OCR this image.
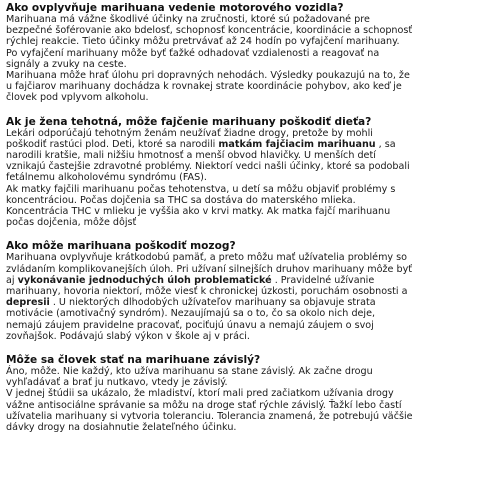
Ako ovplyvňuje marihuana vedenie motorového vozidla?

Marihuana má vážne škodlivé účinky na zručnosti, ktoré sú požadované pre
bezpečné šoférovanie ako bdelosť, schopnosť koncentrácie, koordinácie a schopnosť
rýchlej reakcie. Tieto účinky môžu pretrvávať až 24 hodín po vyfajčení marihuany.
Po vyfajčení marihuany môže byť ťažké odhadovať vzdialenosti a reagovať na
signály a zvuky na ceste.
Marihuana môže hrať úlohu pri dopravných nehodách. Výsledky poukazujú na to, že
u fajčiarov marihuany dochádza k rovnakej strate koordinácie pohybov, ako keď je
človek pod vplyvom alkoholu.

Ak je žena tehotná, môže fajčenie marihuany poškodiť dieťa?

Lekári odporúčajú tehotným ženám neužívať žiadne drogy, pretože by mohli
poškodiť rastúci plod. Deti, ktoré sa narodili matkám fajčiacim marihuanu , sa
narodili kratšie, mali nižšiu hmotnosť a menší obvod hlavičky. U menších detí
vznikajú častejšie zdravotné problémy. Niektorí vedci našli účinky, ktoré sa podobali
fetálnemu alkoholovému syndrómu (FAS).
Ak matky fajčili marihuanu počas tehotenstva, u detí sa môžu objaviť problémy s
koncentráciou. Počas dojčenia sa THC sa dostáva do materského mlieka.
Koncentrácia THC v mlieku je vyššia ako v krvi matky. Ak matka fajčí marihuanu
počas dojčenia, môže dôjsť

Ako môže marihuana poškodiť mozog?

Marihuana ovplyvňuje krátkodobú pamäť, a preto môžu mať užívatelia problémy so
zvládaním komplikovanejších úloh. Pri užívaní silnejších druhov marihuany môže byť
aj vykonávanie jednoduchých úloh problematické . Pravidelné užívanie
marihuany, hovoria niektorí, môže viesť k chronickej úzkosti, poruchám osobnosti a
depresii . U niektorých dlhodobých užívateľov marihuany sa objavuje strata
motivácie (amotivačný syndróm). Nezaujímajú sa o to, čo sa okolo nich deje,
nemajú záujem pravidelne pracovať, pociťujú únavu a nemajú záujem o svoj
zovňajšok. Podávajú slabý výkon v škole aj v práci.

Môže sa človek stať na marihuane závislý?

Áno, môže. Nie každý, kto užíva marihuanu sa stane závislý. Ak začne drogu
vyhľadávať a brať ju nutkavo, vtedy je závislý.
V jednej štúdii sa ukázalo, že mladiství, ktorí mali pred začiatkom užívania drogy
vážne antisociálne správanie sa môžu na droge stať rýchle závislý. Ťažkí lebo častí
užívatelia marihuany si vytvoria toleranciu. Tolerancia znamená, že potrebujú väčšie
dávky drogy na dosiahnutie želateľného účinku.
